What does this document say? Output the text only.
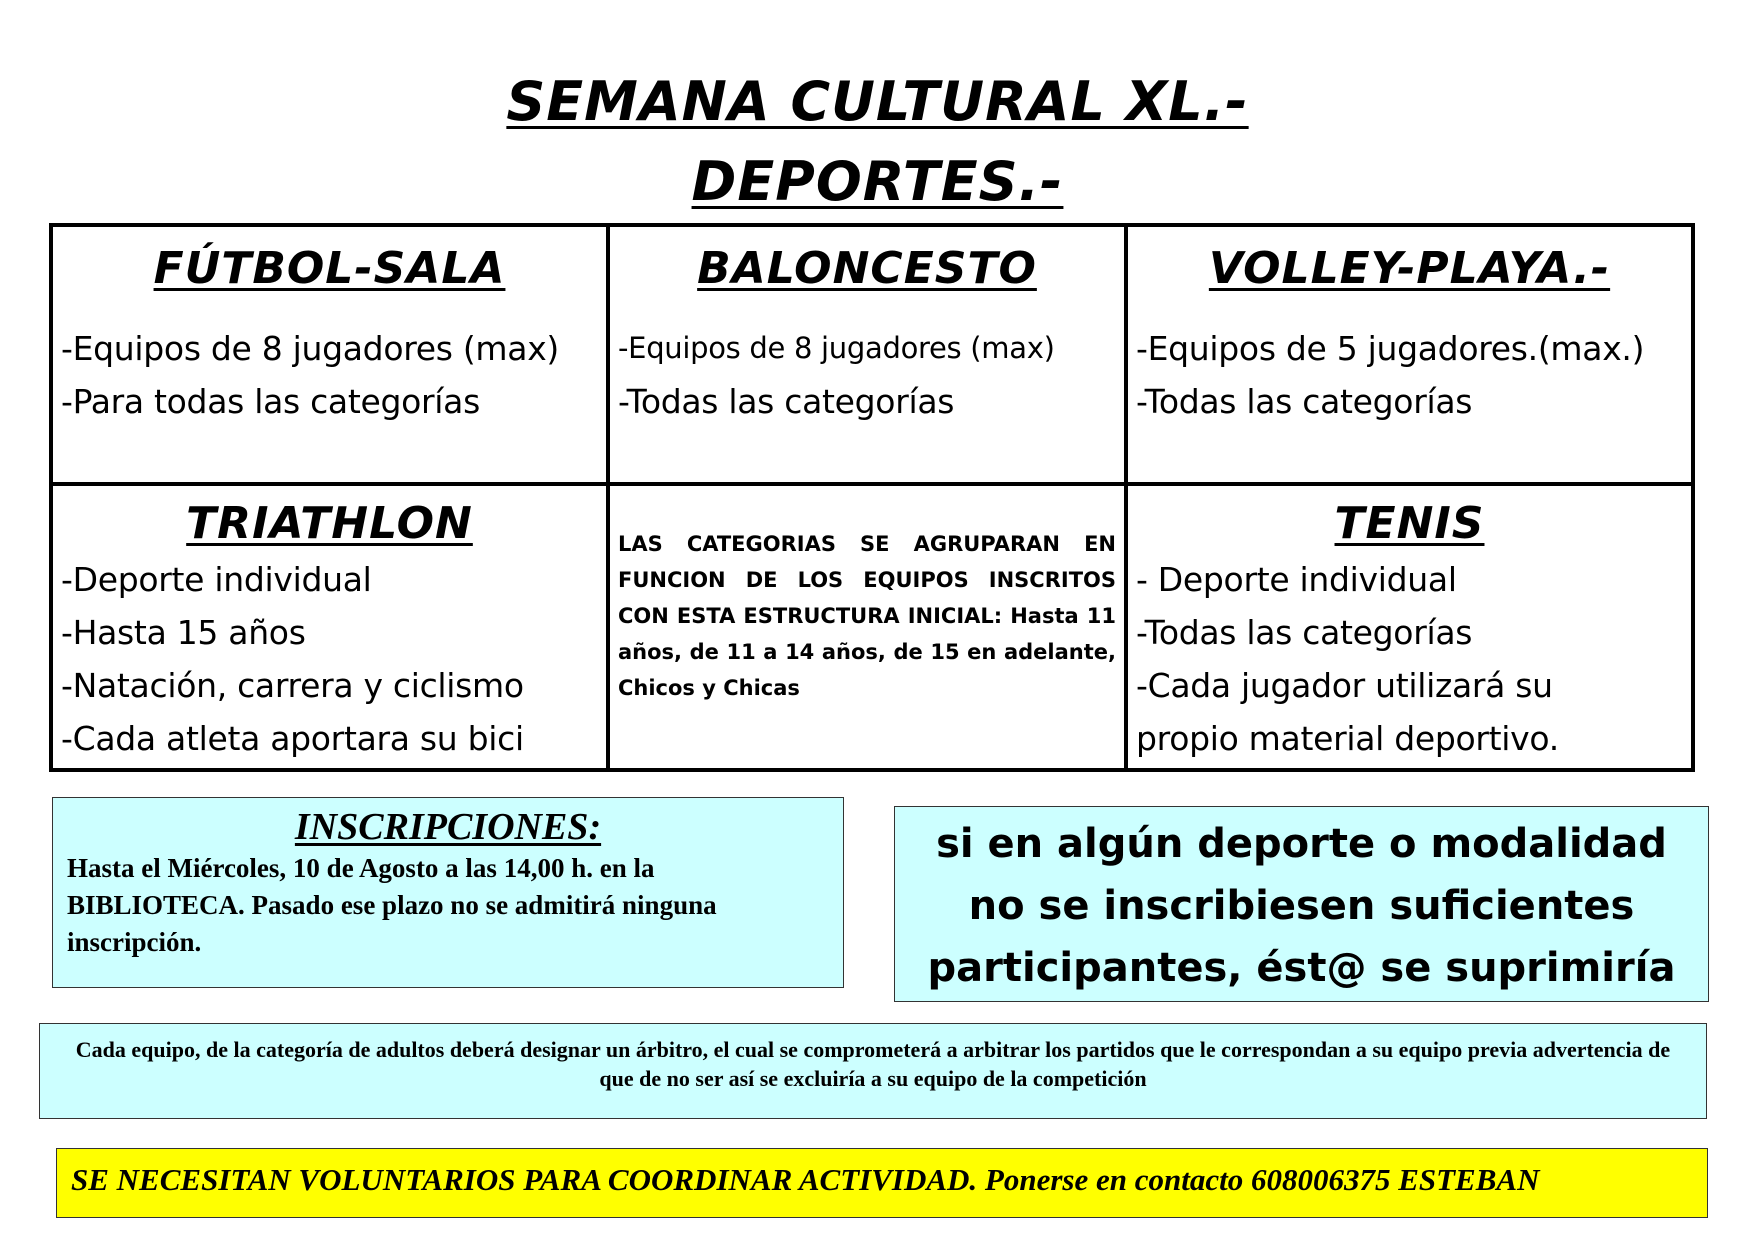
SEMANA CULTURAL XL.-
DEPORTES.-
FÚTBOL-SALA
-Equipos de 8 jugadores (max)
-Para todas las categorías
BALONCESTO
-Equipos de 8 jugadores (max)
-Todas las categorías
VOLLEY-PLAYA.-
-Equipos de 5 jugadores.(max.)
-Todas las categorías
TRIATHLON
-Deporte individual
-Hasta 15 años
-Natación, carrera y ciclismo
-Cada atleta aportara su bici

LAS CATEGORIAS SE AGRUPARAN EN FUNCION DE LOS EQUIPOS INSCRITOS CON ESTA ESTRUCTURA INICIAL: Hasta 11 años, de 11 a 14 años, de 15 en adelante, Chicos y Chicas

TENIS
- Deporte individual
-Todas las categorías
-Cada jugador utilizará su
propio material deportivo.
INSCRIPCIONES:

Hasta el Miércoles, 10 de Agosto a las 14,00 h. en la BIBLIOTECA. Pasado ese plazo no se admitirá ninguna inscripción.

si en algún deporte o modalidad no se inscribiesen suficientes participantes, ést@ se suprimiría

Cada equipo, de la categoría de adultos deberá designar un árbitro, el cual se comprometerá a arbitrar los partidos que le correspondan a su equipo previa advertencia de que de no ser así se excluiría a su equipo de la competición

SE NECESITAN VOLUNTARIOS PARA COORDINAR ACTIVIDAD. Ponerse en contacto 608006375 ESTEBAN
